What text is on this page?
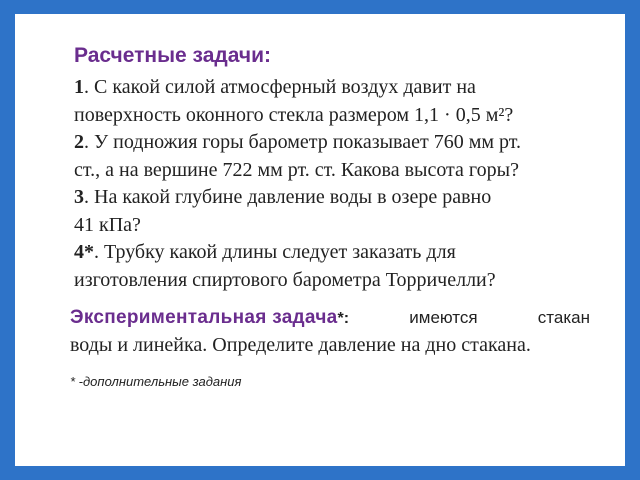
Расчетные задачи:
1. С какой силой атмосферный воздух давит на
поверхность оконного стекла размером 1,1 · 0,5 м²?
2. У подножия горы барометр показывает 760 мм рт.
ст., а на вершине 722 мм рт. ст. Какова высота горы?
3. На какой глубине давление воды в озере равно
41 кПа?
4*. Трубку какой длины следует заказать для
изготовления спиртового барометра Торричелли?
Экспериментальная задача*:	имеются	стакан
воды и линейка. Определите давление на дно стакана.
* -дополнительные задания
